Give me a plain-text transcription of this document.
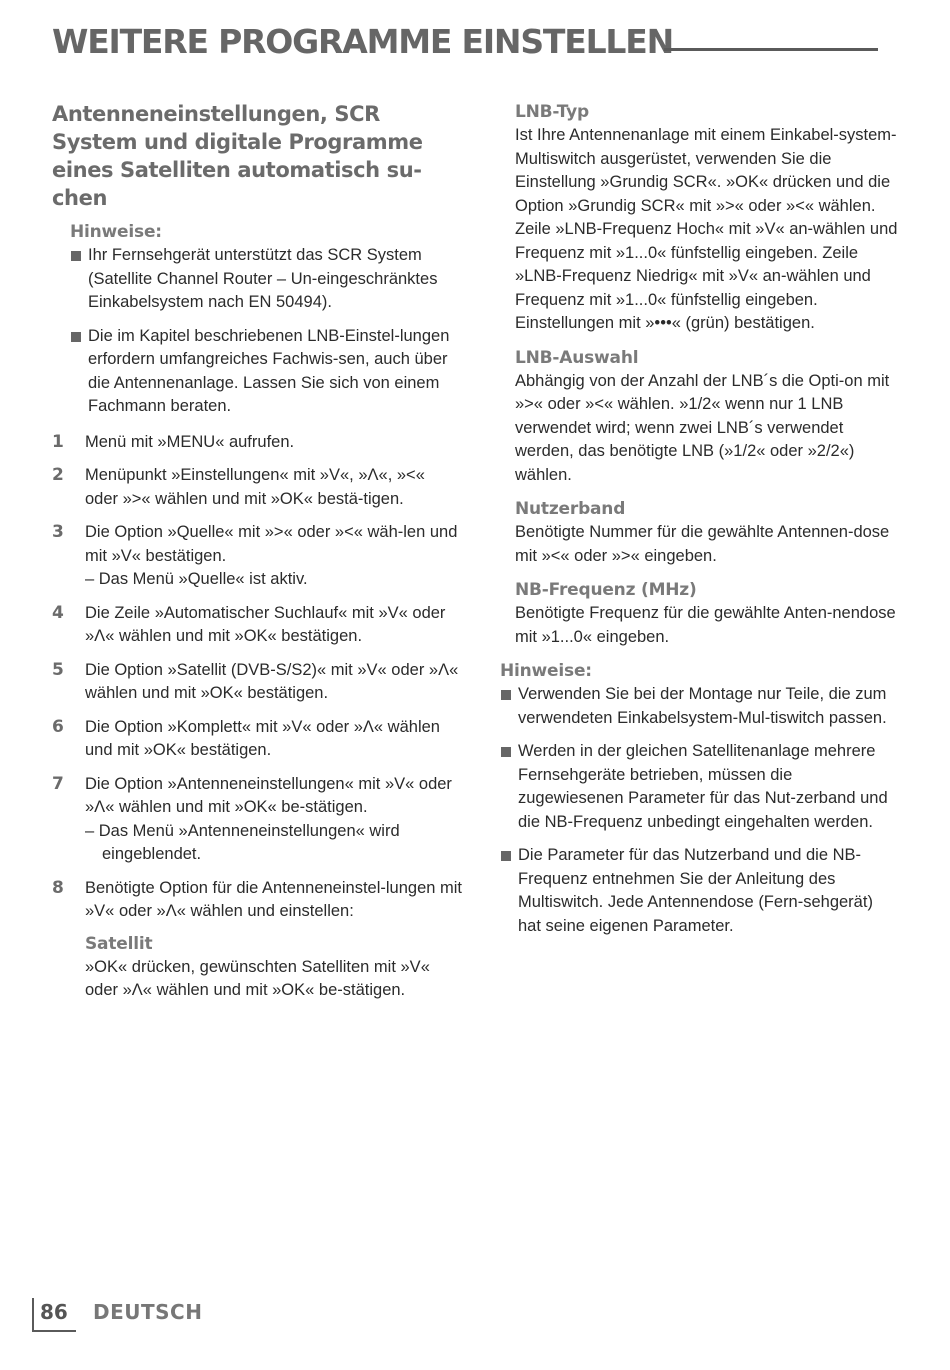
WEITERE PROGRAMME EINSTELLEN
Antenneneinstellungen, SCR System und digitale Programme eines Satelliten automatisch su-chen
Hinweise:
Ihr Fernsehgerät unterstützt das SCR System (Satellite Channel Router – Un-eingeschränktes Einkabelsystem nach EN 50494).
Die im Kapitel beschriebenen LNB-Einstel-lungen erfordern umfangreiches Fachwis-sen, auch über die Antennenanlage. Lassen Sie sich von einem Fachmann beraten.
1 Menü mit »MENU« aufrufen.
2 Menüpunkt »Einstellungen« mit »V«, »Λ«, »<« oder »>« wählen und mit »OK« bestä-tigen.
3 Die Option »Quelle« mit »>« oder »<« wäh-len und mit »V« bestätigen.
– Das Menü »Quelle« ist aktiv.
4 Die Zeile »Automatischer Suchlauf« mit »V« oder »Λ« wählen und mit »OK« bestätigen.
5 Die Option »Satellit (DVB-S/S2)« mit »V« oder »Λ« wählen und mit »OK« bestätigen.
6 Die Option »Komplett« mit »V« oder »Λ« wählen und mit »OK« bestätigen.
7 Die Option »Antenneneinstellungen« mit »V« oder »Λ« wählen und mit »OK« be-stätigen.
– Das Menü »Antenneneinstellungen« wird eingeblendet.
8 Benötigte Option für die Antenneneinstel-lungen mit »V« oder »Λ« wählen und einstellen:
Satellit
»OK« drücken, gewünschten Satelliten mit »V« oder »Λ« wählen und mit »OK« be-stätigen.
LNB-Typ
Ist Ihre Antennenanlage mit einem Einkabel-system-Multiswitch ausgerüstet, verwenden Sie die Einstellung »Grundig SCR«. »OK« drücken und die Option »Grundig SCR« mit »>« oder »<« wählen. Zeile »LNB-Frequenz Hoch« mit »V« an-wählen und Frequenz mit »1...0« fünfstellig eingeben. Zeile »LNB-Frequenz Niedrig« mit »V« an-wählen und Frequenz mit »1...0« fünfstellig eingeben. Einstellungen mit »•••« (grün) bestätigen.
LNB-Auswahl
Abhängig von der Anzahl der LNB´s die Opti-on mit »>« oder »<« wählen. »1/2« wenn nur 1 LNB verwendet wird; wenn zwei LNB´s verwendet werden, das benötigte LNB (»1/2« oder »2/2«) wählen.
Nutzerband
Benötigte Nummer für die gewählte Antennen-dose mit »<« oder »>« eingeben.
NB-Frequenz (MHz)
Benötigte Frequenz für die gewählte Anten-nendose mit »1...0« eingeben.
Hinweise:
Verwenden Sie bei der Montage nur Teile, die zum verwendeten Einkabelsystem-Mul-tiswitch passen.
Werden in der gleichen Satellitenanlage mehrere Fernsehgeräte betrieben, müssen die zugewiesenen Parameter für das Nut-zerband und die NB-Frequenz unbedingt eingehalten werden.
Die Parameter für das Nutzerband und die NB-Frequenz entnehmen Sie der Anleitung des Multiswitch. Jede Antennendose (Fern-sehgerät) hat seine eigenen Parameter.
86 DEUTSCH
